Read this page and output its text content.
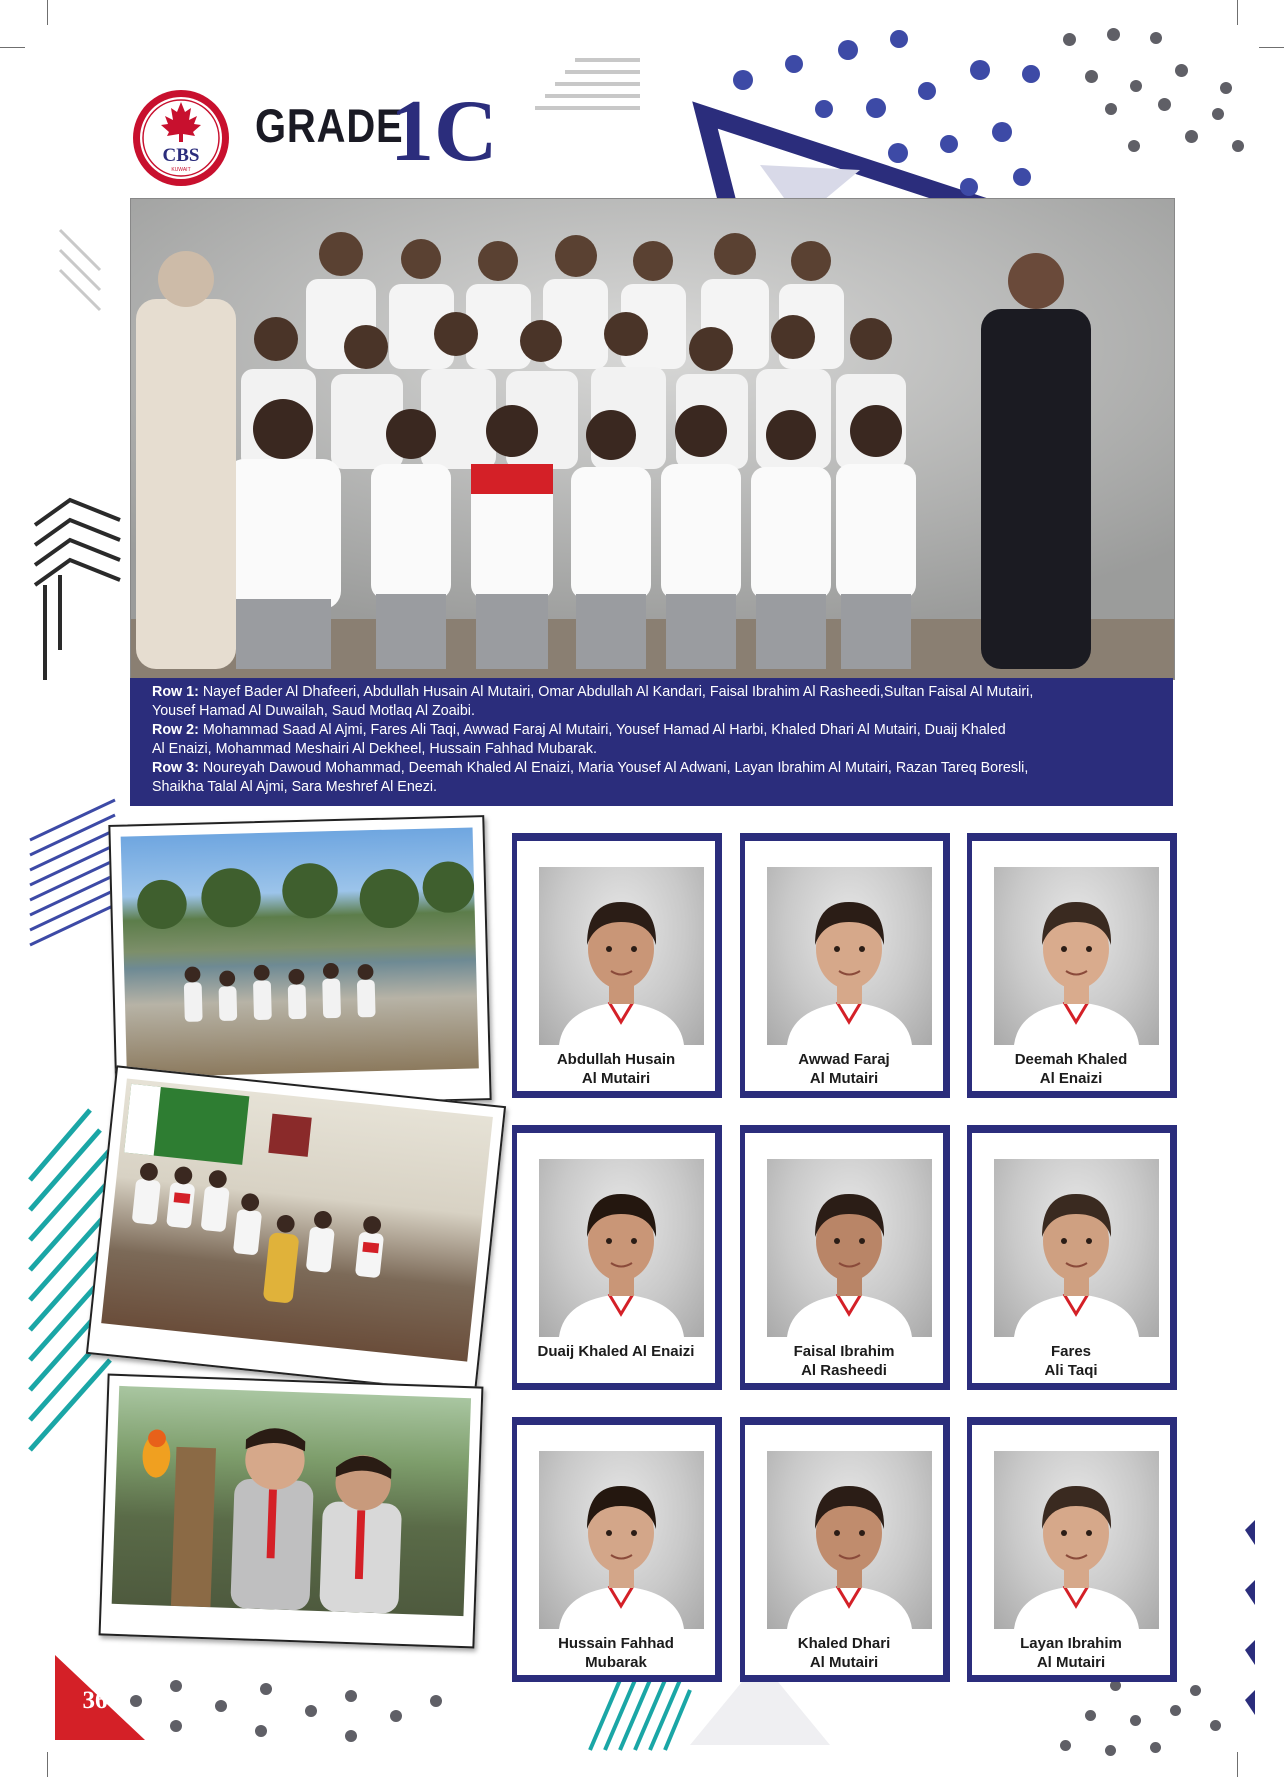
CBS
KUWAIT
GRADE
1C
Row 1: Nayef Bader Al Dhafeeri, Abdullah Husain Al Mutairi, Omar Abdullah Al Kandari, Faisal Ibrahim Al Rasheedi,Sultan Faisal Al Mutairi,
Yousef Hamad Al Duwailah, Saud Motlaq Al Zoaibi.
Row 2: Mohammad Saad Al Ajmi, Fares Ali Taqi, Awwad Faraj Al Mutairi, Yousef Hamad Al Harbi, Khaled Dhari Al Mutairi, Duaij Khaled
Al Enaizi, Mohammad Meshairi Al Dekheel, Hussain Fahhad Mubarak.
Row 3: Noureyah Dawoud Mohammad, Deemah Khaled Al Enaizi, Maria Yousef Al Adwani, Layan Ibrahim Al Mutairi, Razan Tareq Boresli,
Shaikha Talal Al Ajmi, Sara Meshref Al Enezi.
Abdullah Husain
Al Mutairi
Awwad Faraj
Al Mutairi
Deemah Khaled
Al Enaizi
Duaij Khaled Al Enaizi	Faisal Ibrahim
Al Rasheedi
Fares
Ali Taqi
Hussain Fahhad
Mubarak
Khaled Dhari
Al Mutairi
Layan Ibrahim
Al Mutairi
36
